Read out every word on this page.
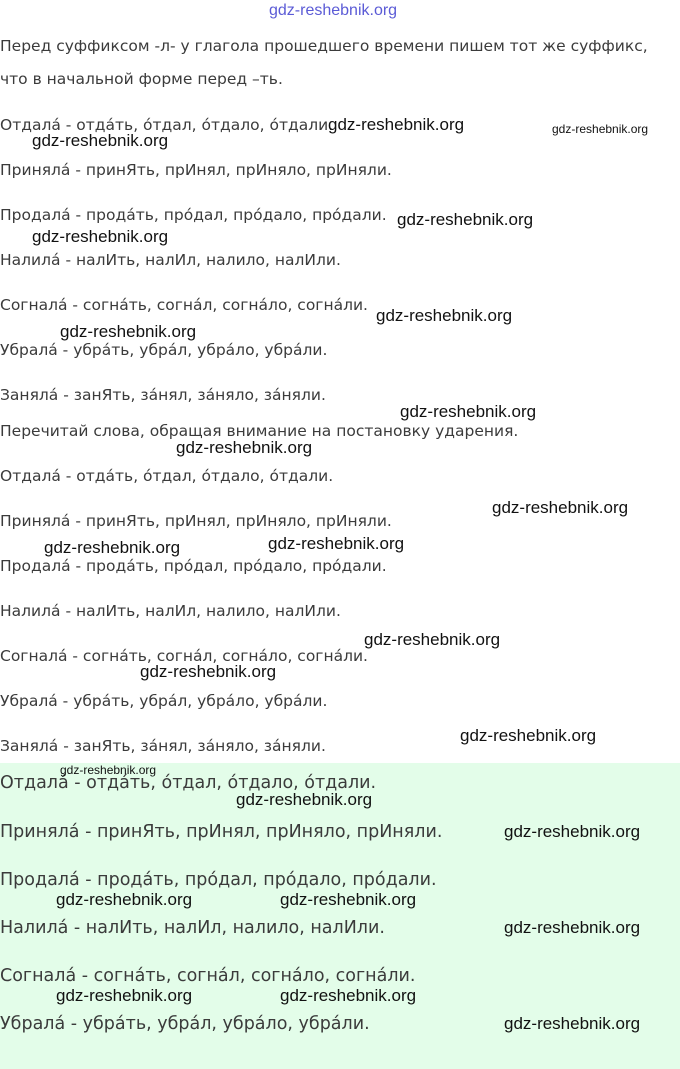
gdz-reshebnik.org
Перед суффиксом -л- у глагола прошедшего времени пишем тот же суффикс,
что в начальной форме перед –ть.
Отдалá - отдáть, óтдал, óтдало, óтдали.
Принялá - принЯть, прИнял, прИняло, прИняли.
Продалá - продáть, прóдал, прóдало, прóдали.
Налилá - налИть, налИл, налило, налИли.
Согналá - согнáть, согнáл, согнáло, согнáли.
Убралá - убрáть, убрáл, убрáло, убрáли.
Занялá - занЯть, зáнял, зáняло, зáняли.
Перечитай слова, обращая внимание на постановку ударения.
Отдалá - отдáть, óтдал, óтдало, óтдали.
Принялá - принЯть, прИнял, прИняло, прИняли.
Продалá - продáть, прóдал, прóдало, прóдали.
Налилá - налИть, налИл, налило, налИли.
Согналá - согнáть, согнáл, согнáло, согнáли.
Убралá - убрáть, убрáл, убрáло, убрáли.
Занялá - занЯть, зáнял, зáняло, зáняли.
Отдалá - отдáть, óтдал, óтдало, óтдали.
Принялá - принЯть, прИнял, прИняло, прИняли.
Продалá - продáть, прóдал, прóдало, прóдали.
Налилá - налИть, налИл, налило, налИли.
Согналá - согнáть, согнáл, согнáло, согнáли.
Убралá - убрáть, убрáл, убрáло, убрáли.
gdz-reshebnik.org	gdz-reshebnik.org
gdz-reshebnik.org
gdz-reshebnik.org
gdz-reshebnik.org
gdz-reshebnik.org
gdz-reshebnik.org
gdz-reshebnik.org
gdz-reshebnik.org
gdz-reshebnik.org
gdz-reshebnik.org
gdz-reshebnik.org
gdz-reshebnik.org
gdz-reshebnik.org
gdz-reshebnik.org
gdz-reshebnik.org
gdz-reshebnik.org
gdz-reshebnik.org
gdz-reshebnik.org	gdz-reshebnik.org
gdz-reshebnik.org
gdz-reshebnik.org	gdz-reshebnik.org
gdz-reshebnik.org
